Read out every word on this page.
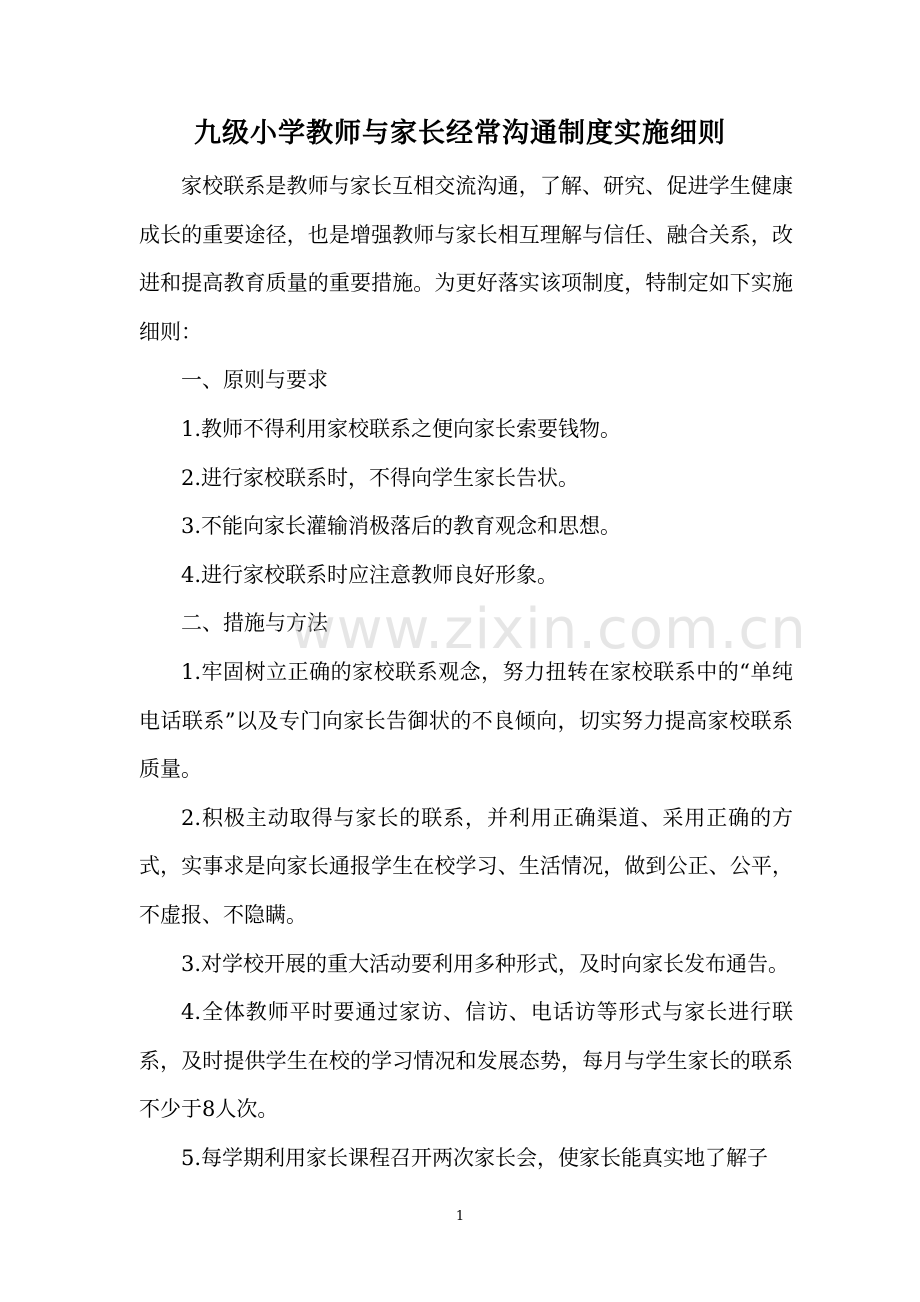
九级小学教师与家长经常沟通制度实施细则

家校联系是教师与家长互相交流沟通，了解、研究、促进学生健康成长的重要途径，也是增强教师与家长相互理解与信任、融合关系，改进和提高教育质量的重要措施。为更好落实该项制度，特制定如下实施细则：

一、原则与要求

1.教师不得利用家校联系之便向家长索要钱物。

2.进行家校联系时，不得向学生家长告状。

3.不能向家长灌输消极落后的教育观念和思想。

4.进行家校联系时应注意教师良好形象。

二、措施与方法

1.牢固树立正确的家校联系观念，努力扭转在家校联系中的“单纯电话联系”以及专门向家长告御状的不良倾向，切实努力提高家校联系质量。

2.积极主动取得与家长的联系，并利用正确渠道、采用正确的方式，实事求是向家长通报学生在校学习、生活情况，做到公正、公平，不虚报、不隐瞒。

3.对学校开展的重大活动要利用多种形式，及时向家长发布通告。

4.全体教师平时要通过家访、信访、电话访等形式与家长进行联系，及时提供学生在校的学习情况和发展态势，每月与学生家长的联系不少于8人次。

5.每学期利用家长课程召开两次家长会，使家长能真实地了解子

www.zixin.com.cn
1
